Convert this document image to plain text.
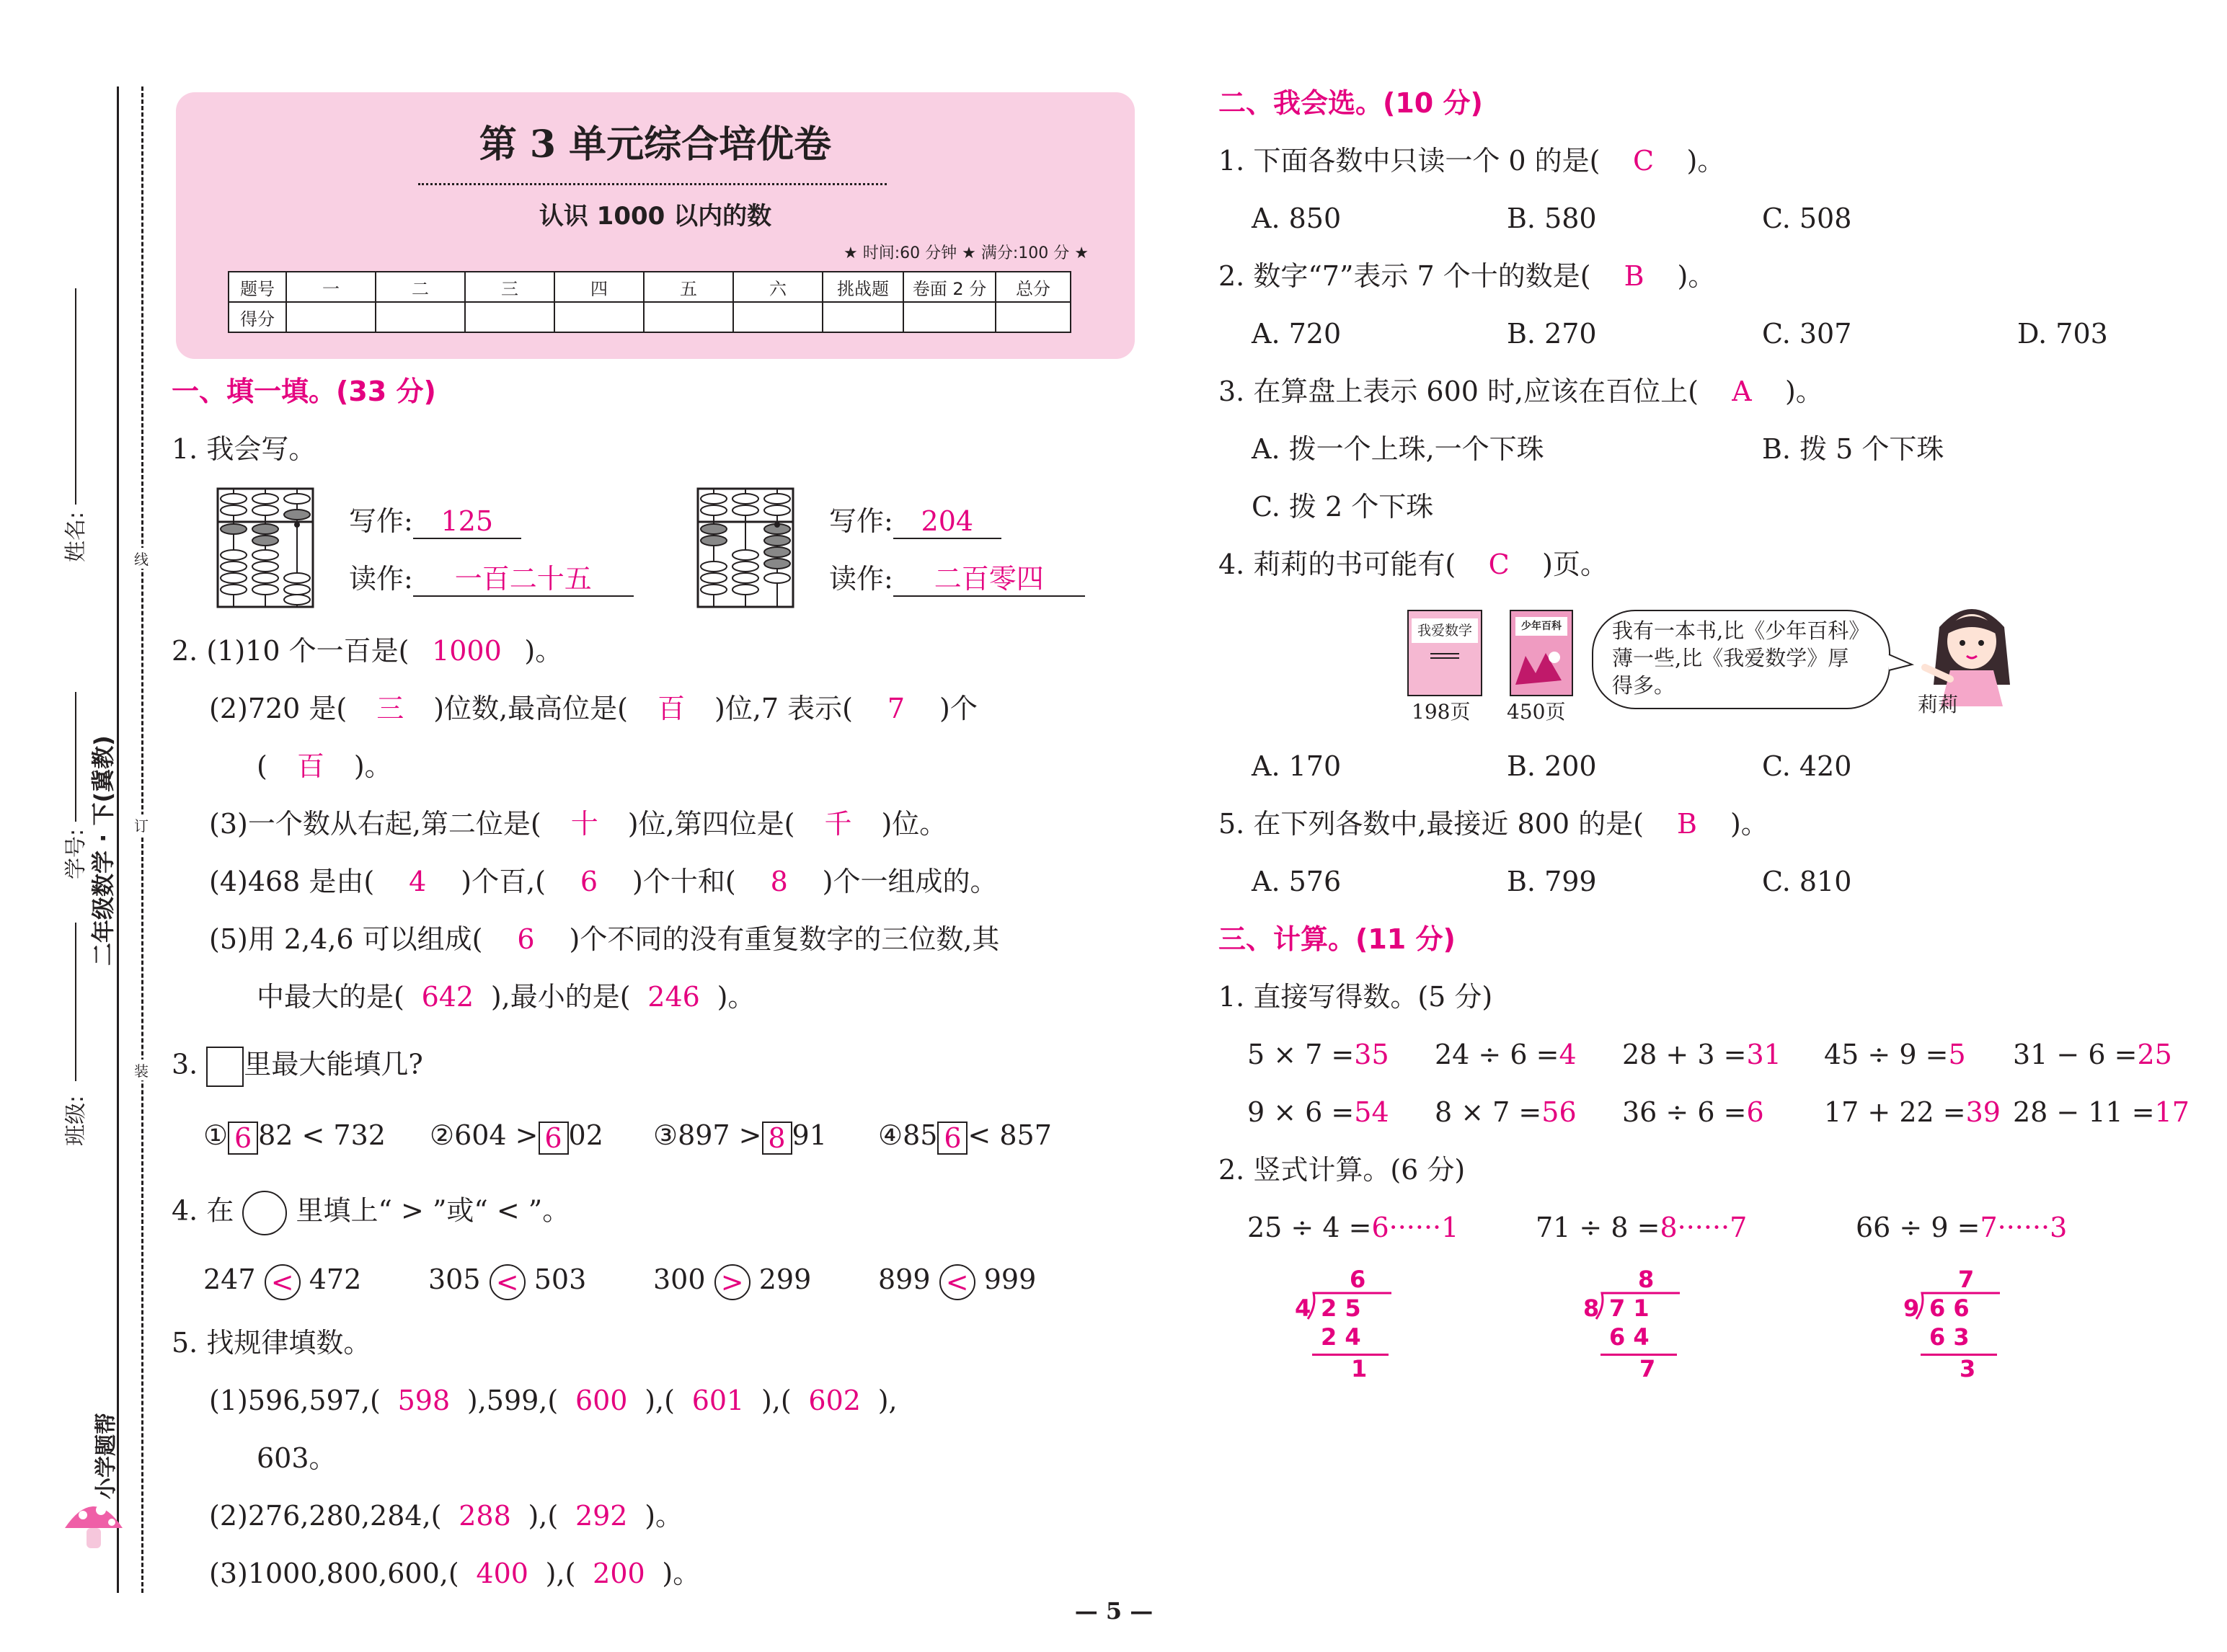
姓名:
学号:
班级:
二年级数学 · 下(冀教)
小学题帮
线
订
装
第 3 单元综合培优卷
认识 1000 以内的数
★ 时间:60 分钟 ★ 满分:100 分 ★
题号	一	二	三	四	五	六	挑战题	卷面 2 分	总分
得分									
一、填一填。(33 分)
1. 我会写。
写作: 125
读作: 一百二十五
写作: 204
读作: 二百零四
2. (1)10 个一百是( 1000 )。
(2)720 是( 三 )位数,最高位是( 百 )位,7 表示( 7 )个
( 百 )。
(3)一个数从右起,第二位是( 十 )位,第四位是( 千 )位。
(4)468 是由( 4 )个百,( 6 )个十和( 8 )个一组成的。
(5)用 2,4,6 可以组成( 6 )个不同的没有重复数字的三位数,其
中最大的是( 642 ),最小的是( 246 )。
3. 里最大能填几?
① 6 82 < 732 ②604 > 6 02 ③897 > 8 91 ④85 6 < 857
4. 在 里填上“ > ”或“ < ”。
247 < 472 305 < 503 300 > 299 899 < 999
5. 找规律填数。
(1)596,597,( 598 ),599,( 600 ),( 601 ),( 602 ),
603。
(2)276,280,284,( 288 ),( 292 )。
(3)1000,800,600,( 400 ),( 200 )。
二、我会选。(10 分)
1. 下面各数中只读一个 0 的是( C )。
A. 850	B. 580	C. 508
2. 数字“7”表示 7 个十的数是( B )。
A. 720	B. 270	C. 307	D. 703
3. 在算盘上表示 600 时,应该在百位上( A )。
A. 拨一个上珠,一个下珠	B. 拨 5 个下珠
C. 拨 2 个下珠
4. 莉莉的书可能有( C )页。
我爱数学
198页
少年百科
450页
我有一本书,比《少年百科》
薄一些,比《我爱数学》厚
得多。
莉莉
A. 170	B. 200	C. 420
5. 在下列各数中,最接近 800 的是( B )。
A. 576	B. 799	C. 810
三、计算。(11 分)
1. 直接写得数。(5 分)
5 × 7 =35 24 ÷ 6 =4 28 + 3 =31 45 ÷ 9 =5 31 − 6 =25
9 × 6 =54 8 × 7 =56 36 ÷ 6 =6 17 + 22 =39 28 − 11 =17
2. 竖式计算。(6 分)
25 ÷ 4 =6······1	71 ÷ 8 =8······7	66 ÷ 9 =7······3
6
4 2 5
2 4
1
8
8 7 1
6 4
7
7
9 6 6
6 3
3
— 5 —
